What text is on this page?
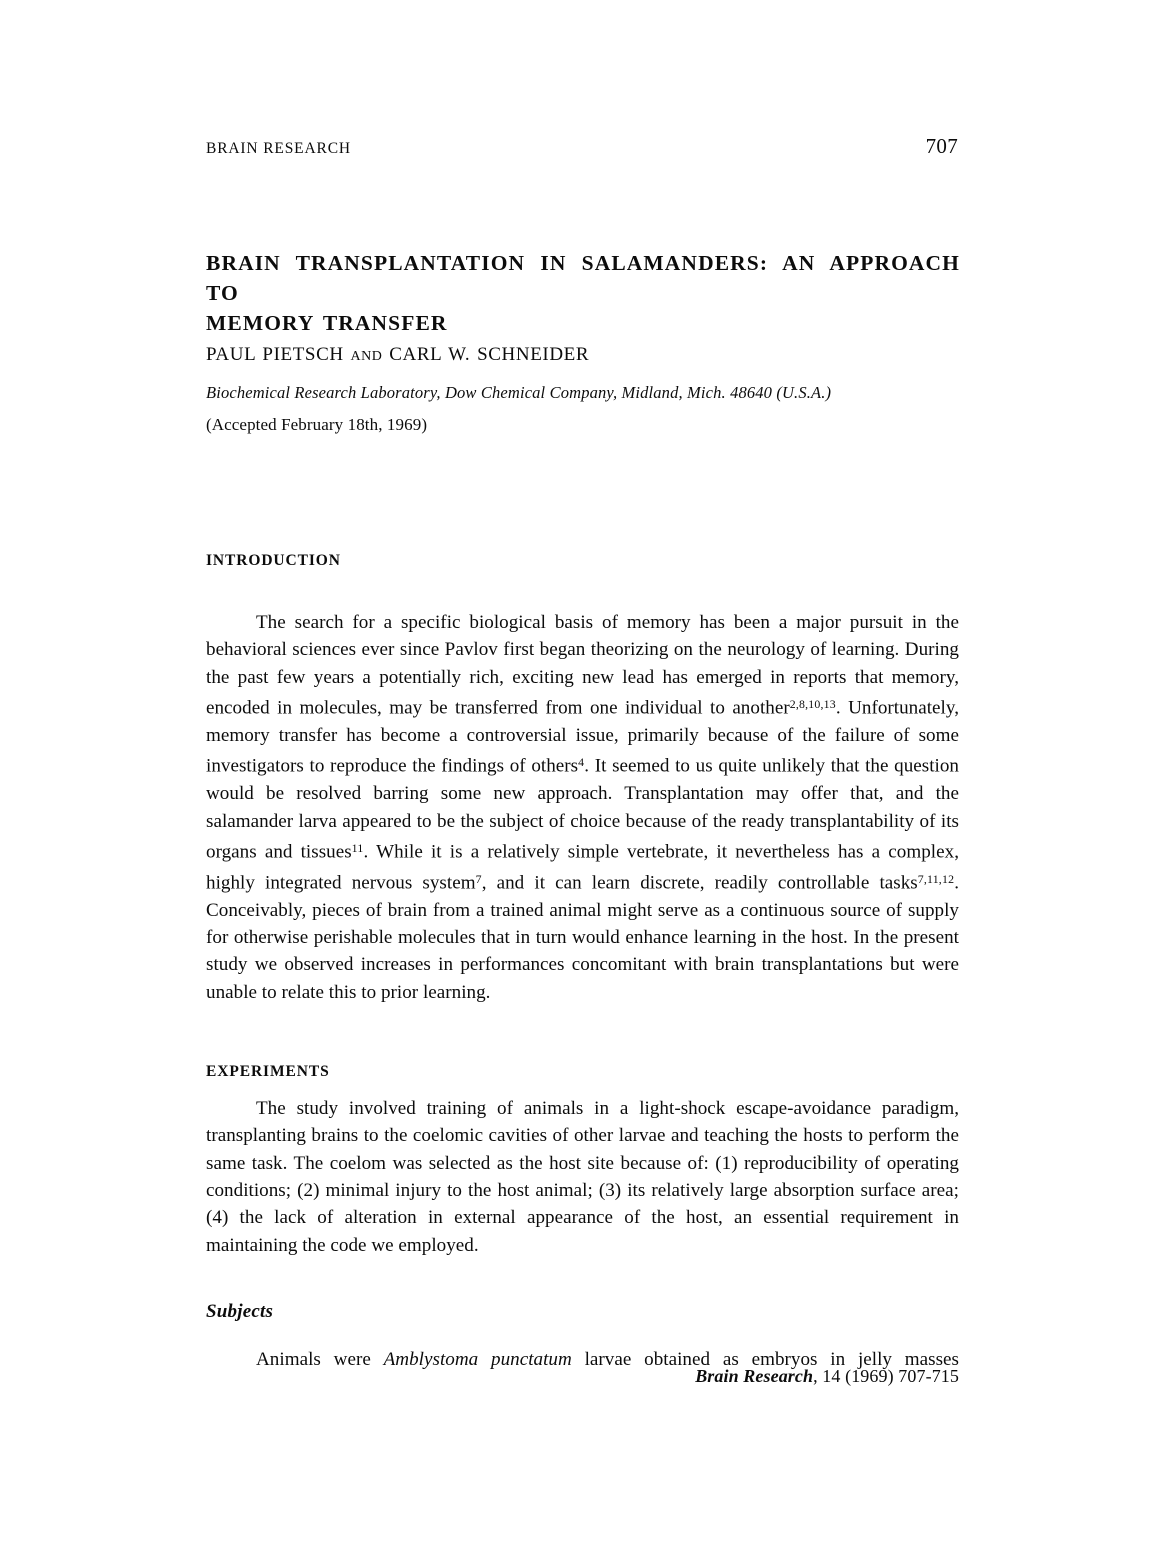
BRAIN RESEARCH	707
BRAIN TRANSPLANTATION IN SALAMANDERS: AN APPROACH TO
MEMORY TRANSFER
PAUL PIETSCH AND CARL W. SCHNEIDER
Biochemical Research Laboratory, Dow Chemical Company, Midland, Mich. 48640 (U.S.A.)
(Accepted February 18th, 1969)
INTRODUCTION

The search for a specific biological basis of memory has been a major pursuit in the behavioral sciences ever since Pavlov first began theorizing on the neurology of learning. During the past few years a potentially rich, exciting new lead has emerged in reports that memory, encoded in molecules, may be transferred from one individual to another$^{2,8,10,13}$. Unfortunately, memory transfer has become a controversial issue, primarily because of the failure of some investigators to reproduce the findings of others$^4$. It seemed to us quite unlikely that the question would be resolved barring some new approach. Transplantation may offer that, and the salamander larva appeared to be the subject of choice because of the ready transplantability of its organs and tissues$^{11}$. While it is a relatively simple vertebrate, it nevertheless has a complex, highly integrated nervous system$^7$, and it can learn discrete, readily controllable tasks$^{7,11,12}$. Conceivably, pieces of brain from a trained animal might serve as a continuous source of supply for otherwise perishable molecules that in turn would enhance learning in the host. In the present study we observed increases in performances concomitant with brain transplantations but were unable to relate this to prior learning.

EXPERIMENTS

The study involved training of animals in a light-shock escape-avoidance paradigm, transplanting brains to the coelomic cavities of other larvae and teaching the hosts to perform the same task. The coelom was selected as the host site because of: (1) reproducibility of operating conditions; (2) minimal injury to the host animal; (3) its relatively large absorption surface area; (4) the lack of alteration in external appearance of the host, an essential requirement in maintaining the code we employed.

Subjects

Animals were Amblystoma punctatum larvae obtained as embryos in jelly masses

Brain Research, 14 (1969) 707-715
